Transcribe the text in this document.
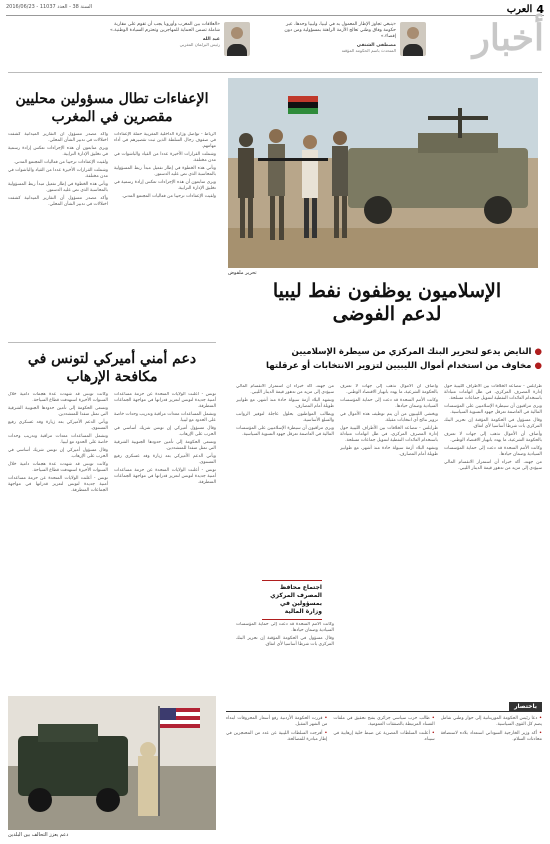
4
العرب
السنة 38 - العدد 11037 - 2016/06/23
أخبار
«ينبغي تجاوز الإطار المعمول به في ليبيا، وليبيا وحدها، عبر حكومة وفاق وطني تعالج الأزمة الراهنة بمسؤولية ومن دون إقصاء.»
مصطفى الشنقي
المتحدث باسم الحكومة المؤقتة
«العلاقات بين المغرب وأوروبا يجب أن تقوم على مقاربة شاملة تضمن الحماية للمهاجرين وتحترم السيادة الوطنية.»
عبد الله
رئيس البرلمان المغربي
تحرير ملفوض
الإسلاميون يوظفون نفط ليبيا
لدعم الفوضى
●النايض يدعو لتحرير البنك المركزي من سيطرة الإسلاميين
●مخاوف من استخدام أموال الليبيين لتزوير الانتخابات أو عرقلتها

طرابلس - تتصاعد الخلافات بين الأطراف الليبية حول إدارة المصرف المركزي، في ظل اتهامات متبادلة باستخدام العائدات النفطية لتمويل جماعات مسلحة.

ويرى مراقبون أن سيطرة الإسلاميين على المؤسسات المالية في العاصمة تعرقل جهود التسوية السياسية.

وقال مسؤول في الحكومة المؤقتة إن تحرير البنك المركزي بات شرطا أساسيا لأي اتفاق.

وأضاف أن الأموال تذهب إلى جهات لا تعترف بالحكومة الشرعية، ما يهدد بانهيار الاقتصاد الوطني.

وكانت الأمم المتحدة قد دعت إلى حماية المؤسسات السيادية وضمان حيادها.

من جهته، أكد خبراء أن استمرار الانقسام المالي سيؤدي إلى مزيد من تدهور قيمة الدينار الليبي.

وأضاف أن الأموال تذهب إلى جهات لا تعترف بالحكومة الشرعية، ما يهدد بانهيار الاقتصاد الوطني.

وكانت الأمم المتحدة قد دعت إلى حماية المؤسسات السيادية وضمان حيادها.

ويخشى الليبيون من أن يتم توظيف هذه الأموال في تزوير نتائج أي انتخابات مقبلة.

طرابلس - تتصاعد الخلافات بين الأطراف الليبية حول إدارة المصرف المركزي، في ظل اتهامات متبادلة باستخدام العائدات النفطية لتمويل جماعات مسلحة.

وتشهد البلاد أزمة سيولة حادة منذ أشهر، مع طوابير طويلة أمام المصارف.

من جهته، أكد خبراء أن استمرار الانقسام المالي سيؤدي إلى مزيد من تدهور قيمة الدينار الليبي.

وتشهد البلاد أزمة سيولة حادة منذ أشهر، مع طوابير طويلة أمام المصارف.

ويطالب المواطنون بحلول عاجلة لتوفير الرواتب والسلع الأساسية.

ويرى مراقبون أن سيطرة الإسلاميين على المؤسسات المالية في العاصمة تعرقل جهود التسوية السياسية.

اجتماع محافظ المصرف المركزي بمسؤولين في وزارة المالية

وكانت الأمم المتحدة قد دعت إلى حماية المؤسسات السيادية وضمان حيادها.

وقال مسؤول في الحكومة المؤقتة إن تحرير البنك المركزي بات شرطا أساسيا لأي اتفاق.

الإعفاءات تطال مسؤولين محليين مقصرين في المغرب

وأكد مصدر مسؤول أن التقارير الميدانية كشفت اختلالات في تدبير الشأن المحلي.

ويرى متابعون أن هذه الإجراءات تعكس إرادة رسمية في تخليق الإدارة الترابية.

ولقيت الإعفاءات ترحيبا من فعاليات المجتمع المدني.

وشملت القرارات الأخيرة عددا من القياد والباشوات في مدن مختلفة.

وتأتي هذه الخطوة في إطار تفعيل مبدأ ربط المسؤولية بالمحاسبة الذي نص عليه الدستور.

وأكد مصدر مسؤول أن التقارير الميدانية كشفت اختلالات في تدبير الشأن المحلي.

الرباط - تواصل وزارة الداخلية المغربية حملة الإعفاءات في صفوف رجال السلطة الذين ثبت تقصيرهم في أداء مهامهم.

وشملت القرارات الأخيرة عددا من القياد والباشوات في مدن مختلفة.

وتأتي هذه الخطوة في إطار تفعيل مبدأ ربط المسؤولية بالمحاسبة الذي نص عليه الدستور.

ويرى متابعون أن هذه الإجراءات تعكس إرادة رسمية في تخليق الإدارة الترابية.

ولقيت الإعفاءات ترحيبا من فعاليات المجتمع المدني.

دعم أمني أميركي لتونس في مكافحة الإرهاب

وكانت تونس قد شهدت عدة هجمات دامية خلال السنوات الأخيرة استهدفت قطاع السياحة.

وتسعى الحكومة إلى تأمين حدودها الجنوبية الشرقية التي تمثل منفذا للمتشددين.

ويأتي الدعم الأميركي بعد زيارة وفد عسكري رفيع المستوى.

وتشمل المساعدات معدات مراقبة وتدريب وحدات خاصة على الحدود مع ليبيا.

وقال مسؤول أميركي إن تونس شريك أساسي في الحرب على الإرهاب.

وكانت تونس قد شهدت عدة هجمات دامية خلال السنوات الأخيرة استهدفت قطاع السياحة.

تونس - أعلنت الولايات المتحدة عن حزمة مساعدات أمنية جديدة لتونس لتعزيز قدراتها في مواجهة الجماعات المتطرفة.

تونس - أعلنت الولايات المتحدة عن حزمة مساعدات أمنية جديدة لتونس لتعزيز قدراتها في مواجهة الجماعات المتطرفة.

وتشمل المساعدات معدات مراقبة وتدريب وحدات خاصة على الحدود مع ليبيا.

وقال مسؤول أميركي إن تونس شريك أساسي في الحرب على الإرهاب.

وتسعى الحكومة إلى تأمين حدودها الجنوبية الشرقية التي تمثل منفذا للمتشددين.

ويأتي الدعم الأميركي بعد زيارة وفد عسكري رفيع المستوى.

تونس - أعلنت الولايات المتحدة عن حزمة مساعدات أمنية جديدة لتونس لتعزيز قدراتها في مواجهة الجماعات المتطرفة.

دعم يعزز التحالف بين البلدين
باختصار

• دعا رئيس الحكومة الموريتانية إلى حوار وطني شامل يضم كل القوى السياسية.

• أكد وزير الخارجية السوداني استعداد بلاده لاستضافة محادثات السلام.

• طالب حزب سياسي جزائري بفتح تحقيق في ملفات الفساد المرتبطة بالصفقات العمومية.

• أعلنت السلطات المصرية عن ضبط خلية إرهابية في سيناء.

• قررت الحكومة الأردنية رفع أسعار المحروقات ابتداء من الشهر المقبل.

• أفرجت السلطات الليبية عن عدد من المحتجزين في إطار مبادرة للمصالحة.
